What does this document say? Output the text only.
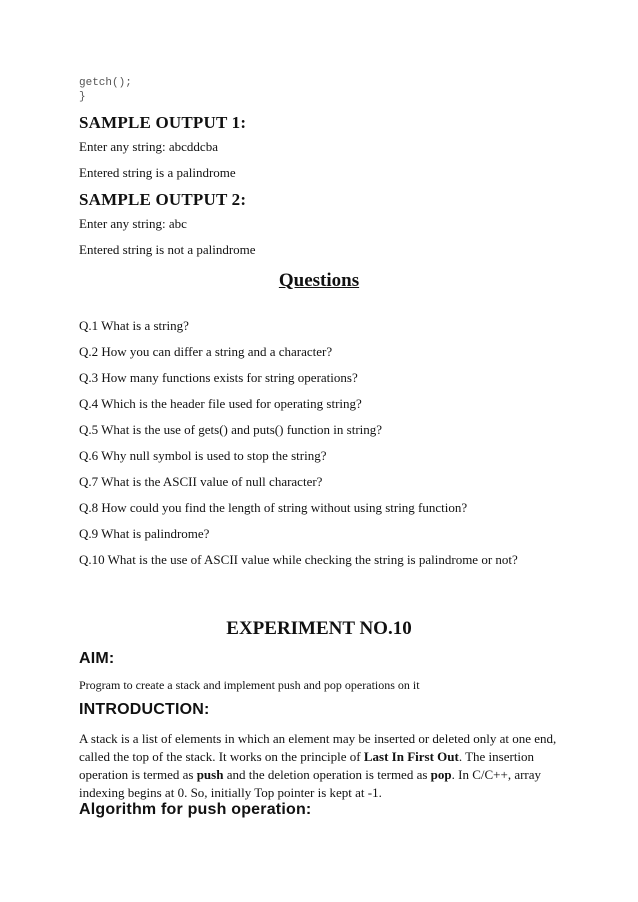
getch();
}
SAMPLE OUTPUT 1:
Enter any string: abcddcba
Entered string is a palindrome
SAMPLE OUTPUT 2:
Enter any string: abc
Entered string is not a palindrome
Questions
Q.1 What is a string?
Q.2 How you can differ a string and a character?
Q.3 How many functions exists for string operations?
Q.4 Which is the header file used for operating string?
Q.5 What is the use of gets() and puts() function in string?
Q.6 Why null symbol is used to stop the string?
Q.7 What is the ASCII value of null character?
Q.8 How could you find the length of string without using string function?
Q.9 What is palindrome?
Q.10 What is the use of ASCII value while checking the string is palindrome or not?
EXPERIMENT NO.10
AIM:
Program to create a stack and implement push and pop operations on it
INTRODUCTION:
A stack is a list of elements in which an element may be inserted or deleted only at one end, called the top of the stack. It works on the principle of Last In First Out. The insertion operation is termed as push and the deletion operation is termed as pop. In C/C++, array indexing begins at 0. So, initially Top pointer is kept at -1.
Algorithm for push operation:
